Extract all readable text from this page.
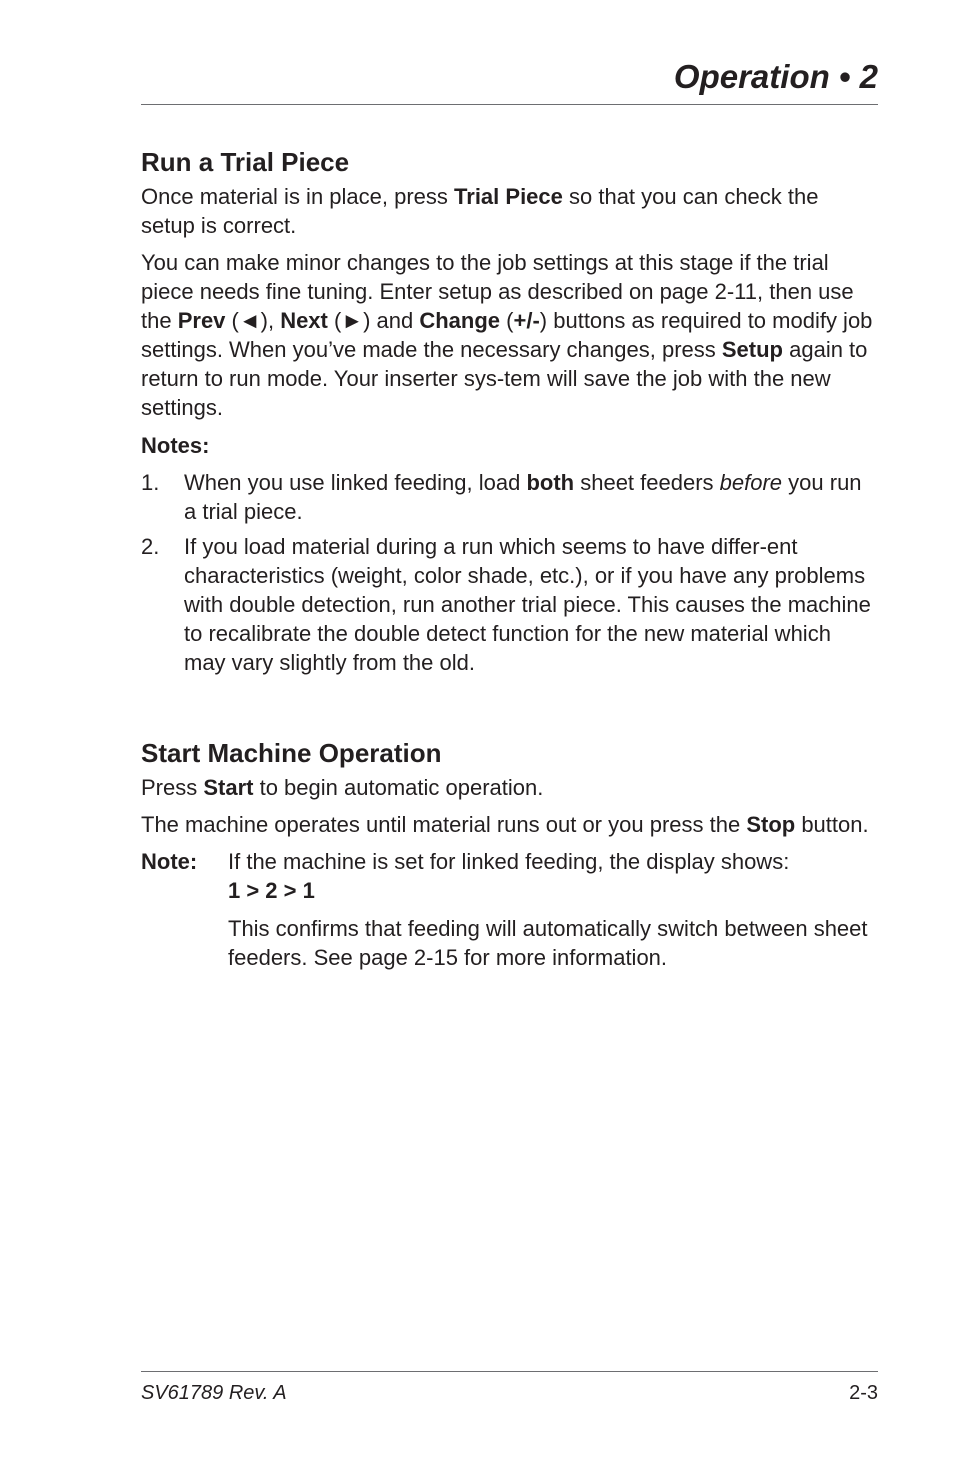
Operation • 2
Run a Trial Piece

Once material is in place, press Trial Piece so that you can check the setup is correct.

You can make minor changes to the job settings at this stage if the trial piece needs fine tuning. Enter setup as described on page 2-11, then use the Prev (◄), Next (►) and Change (+/-) buttons as required to modify job settings. When you’ve made the necessary changes, press Setup again to return to run mode. Your inserter sys-tem will save the job with the new settings.

Notes:
1. When you use linked feeding, load both sheet feeders before you run a trial piece.
2. If you load material during a run which seems to have differ-ent characteristics (weight, color shade, etc.), or if you have any problems with double detection, run another trial piece. This causes the machine to recalibrate the double detect function for the new material which may vary slightly from the old.
Start Machine Operation

Press Start to begin automatic operation.

The machine operates until material runs out or you press the Stop button.

Note: If the machine is set for linked feeding, the display shows:
1 > 2 > 1

This confirms that feeding will automatically switch between sheet feeders. See page 2-15 for more information.

SV61789 Rev. A	2-3
